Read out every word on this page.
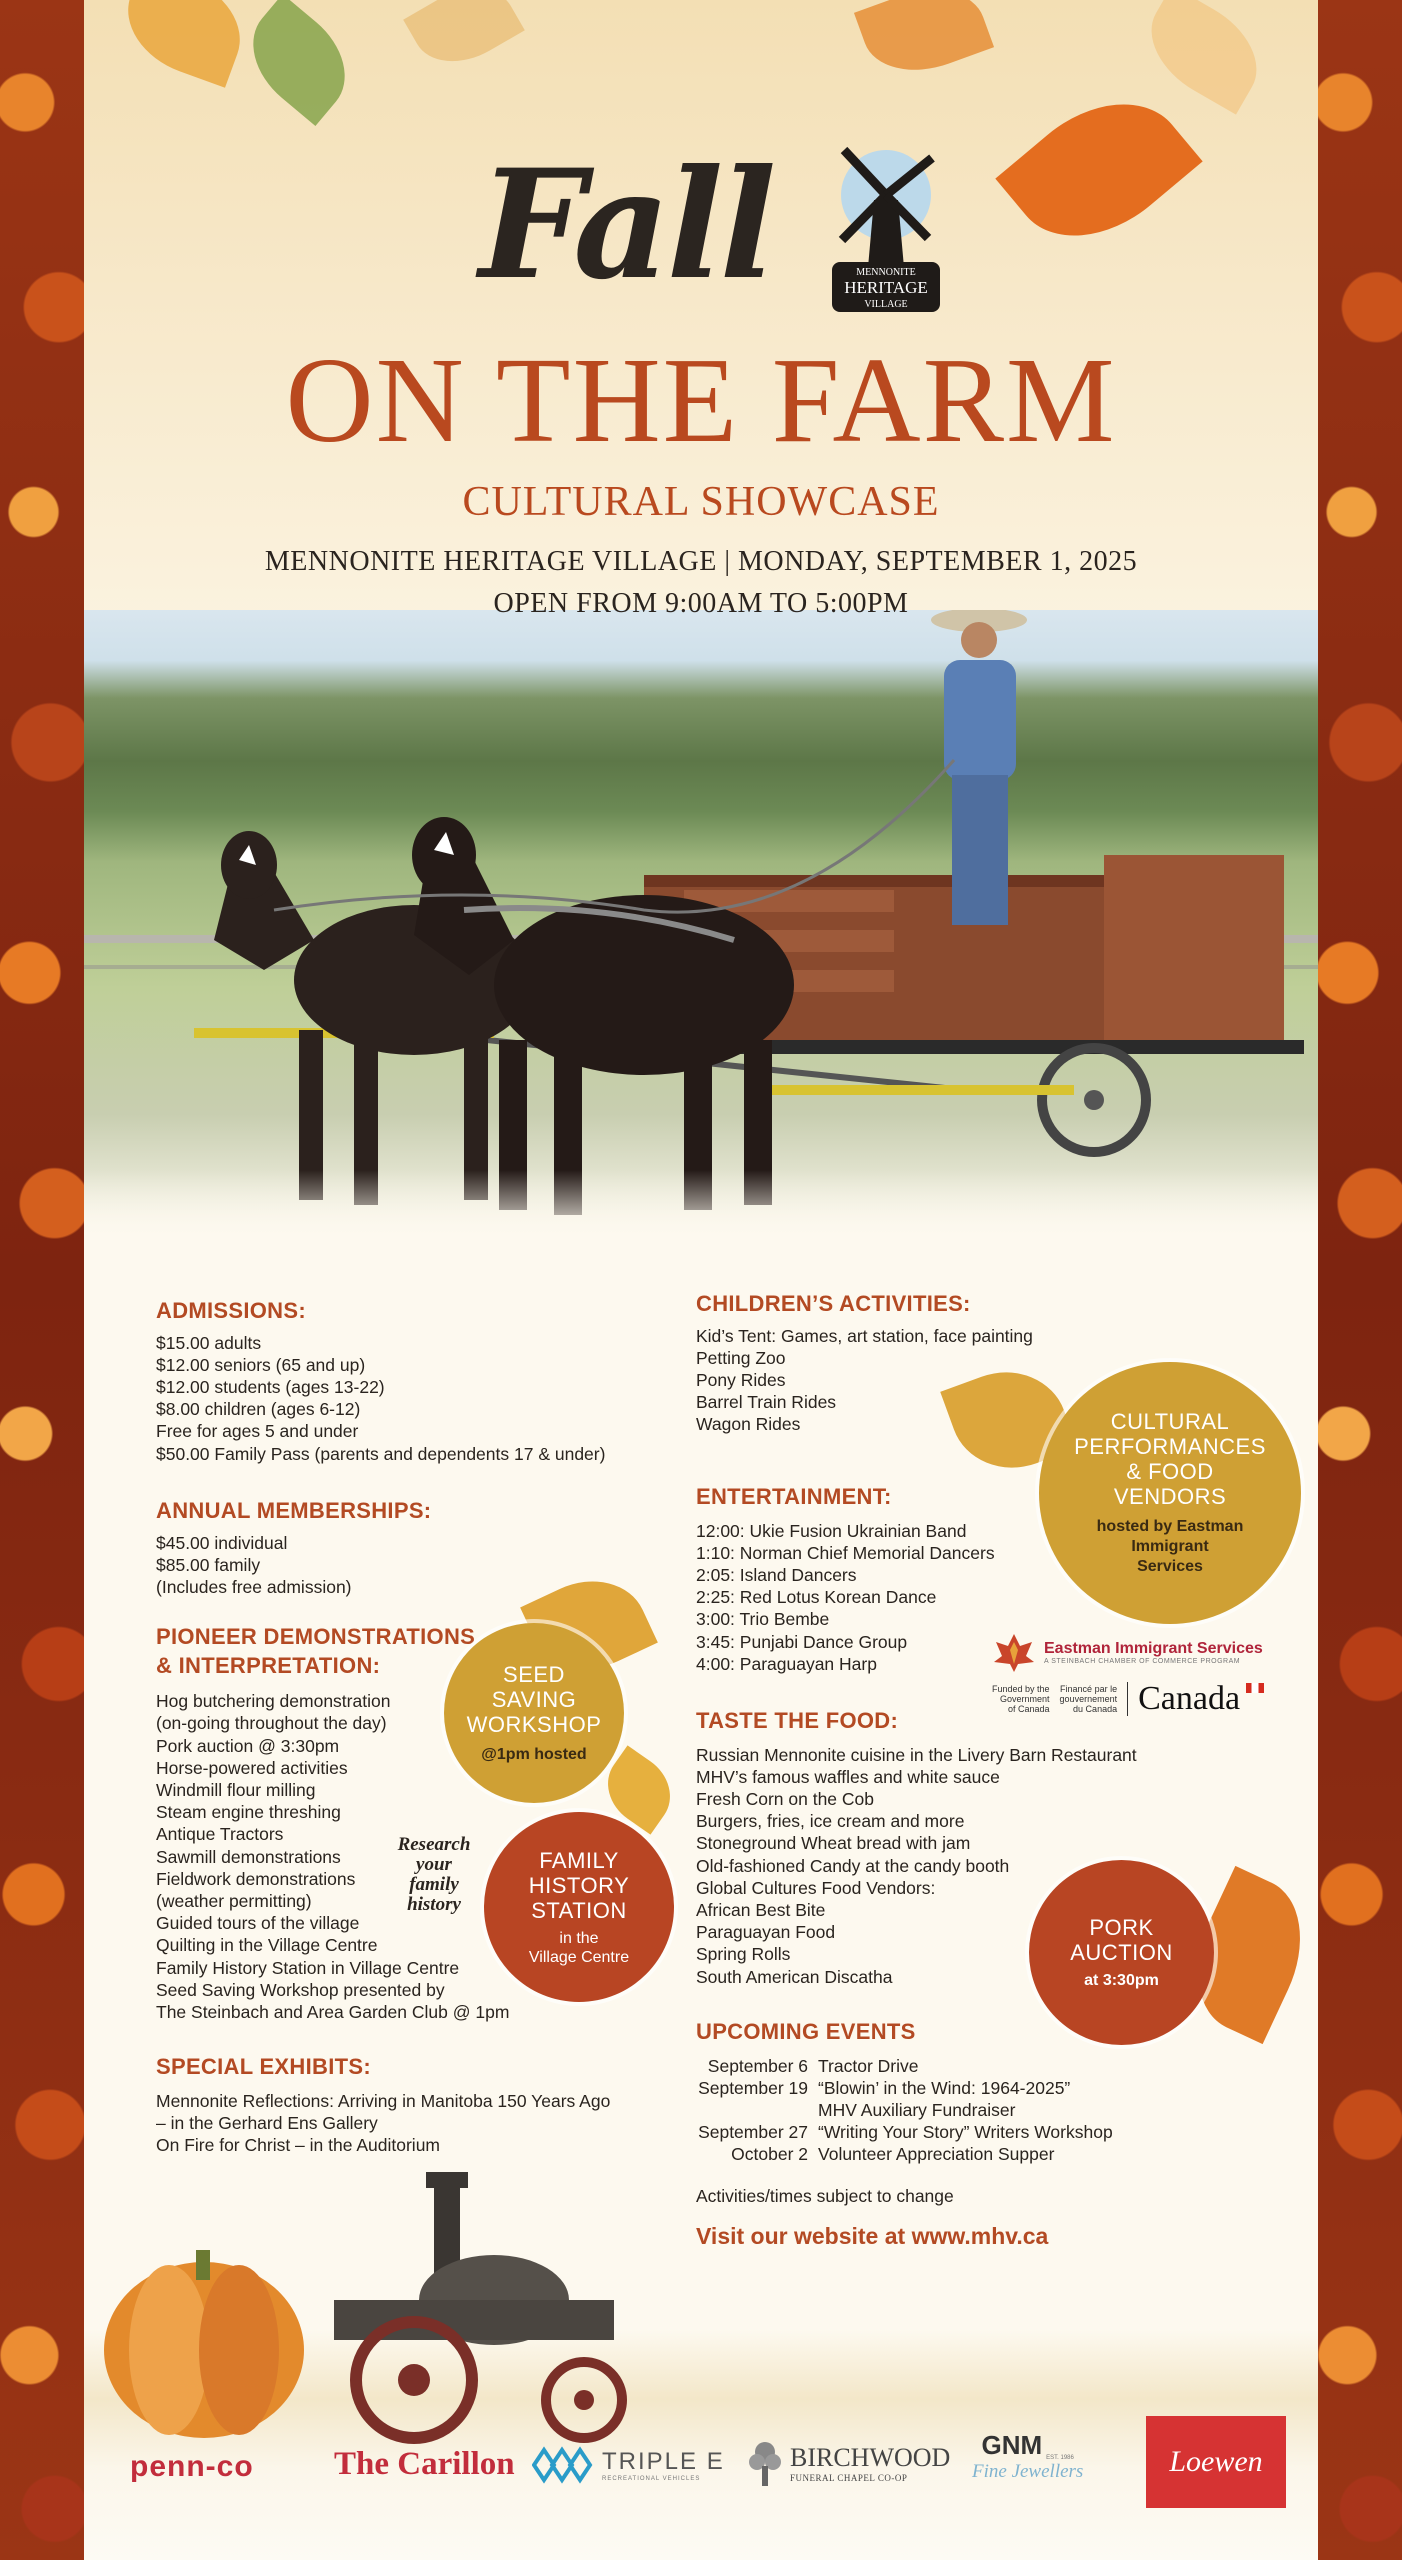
Fall	MENNONITE
HERITAGE
VILLAGE
ON THE FARM
CULTURAL SHOWCASE
MENNONITE HERITAGE VILLAGE | MONDAY, SEPTEMBER 1, 2025
OPEN FROM 9:00AM TO 5:00PM
ADMISSIONS:
$15.00 adults
$12.00 seniors (65 and up)
$12.00 students (ages 13-22)
$8.00 children (ages 6-12)
Free for ages 5 and under
$50.00 Family Pass (parents and dependents 17 & under)
ANNUAL MEMBERSHIPS:
$45.00 individual
$85.00 family
(Includes free admission)
PIONEER DEMONSTRATIONS
& INTERPRETATION:
Hog butchering demonstration
(on-going throughout the day)
Pork auction @ 3:30pm
Horse-powered activities
Windmill flour milling
Steam engine threshing
Antique Tractors
Sawmill demonstrations
Fieldwork demonstrations
(weather permitting)
Guided tours of the village
Quilting in the Village Centre
Family History Station in Village Centre
Seed Saving Workshop presented by
The Steinbach and Area Garden Club @ 1pm
SPECIAL EXHIBITS:
Mennonite Reflections: Arriving in Manitoba 150 Years Ago
– in the Gerhard Ens Gallery
On Fire for Christ – in the Auditorium
SEED
SAVING
WORKSHOP
@1pm hosted
FAMILY
HISTORY
STATION
in the
Village Centre
Research
your
family
history
CHILDREN’S ACTIVITIES:
Kid’s Tent: Games, art station, face painting
Petting Zoo
Pony Rides
Barrel Train Rides
Wagon Rides
ENTERTAINMENT:
12:00: Ukie Fusion Ukrainian Band
1:10: Norman Chief Memorial Dancers
2:05: Island Dancers
2:25: Red Lotus Korean Dance
3:00: Trio Bembe
3:45: Punjabi Dance Group
4:00: Paraguayan Harp
TASTE THE FOOD:
Russian Mennonite cuisine in the Livery Barn Restaurant
MHV’s famous waffles and white sauce
Fresh Corn on the Cob
Burgers, fries, ice cream and more
Stoneground Wheat bread with jam
Old-fashioned Candy at the candy booth
Global Cultures Food Vendors:
African Best Bite
Paraguayan Food
Spring Rolls
South American Discatha
UPCOMING EVENTS
September 6 Tractor Drive
September 19 “Blowin’ in the Wind: 1964-2025”
MHV Auxiliary Fundraiser
September 27 “Writing Your Story” Writers Workshop
October 2 Volunteer Appreciation Supper
Activities/times subject to change
Visit our website at www.mhv.ca
CULTURAL
PERFORMANCES
& FOOD
VENDORS
hosted by Eastman
Immigrant
Services
Eastman Immigrant Services
A STEINBACH CHAMBER OF COMMERCE PROGRAM
Funded by the
Government
of Canada
Financé par le
gouvernement
du Canada Canada
PORK
AUCTION
at 3:30pm
penn-co The Carillon	TRIPLE E
RECREATIONAL VEHICLES
BIRCHWOOD
FUNERAL CHAPEL CO-OP
GNM EST. 1986
Fine Jewellers	Loewen
